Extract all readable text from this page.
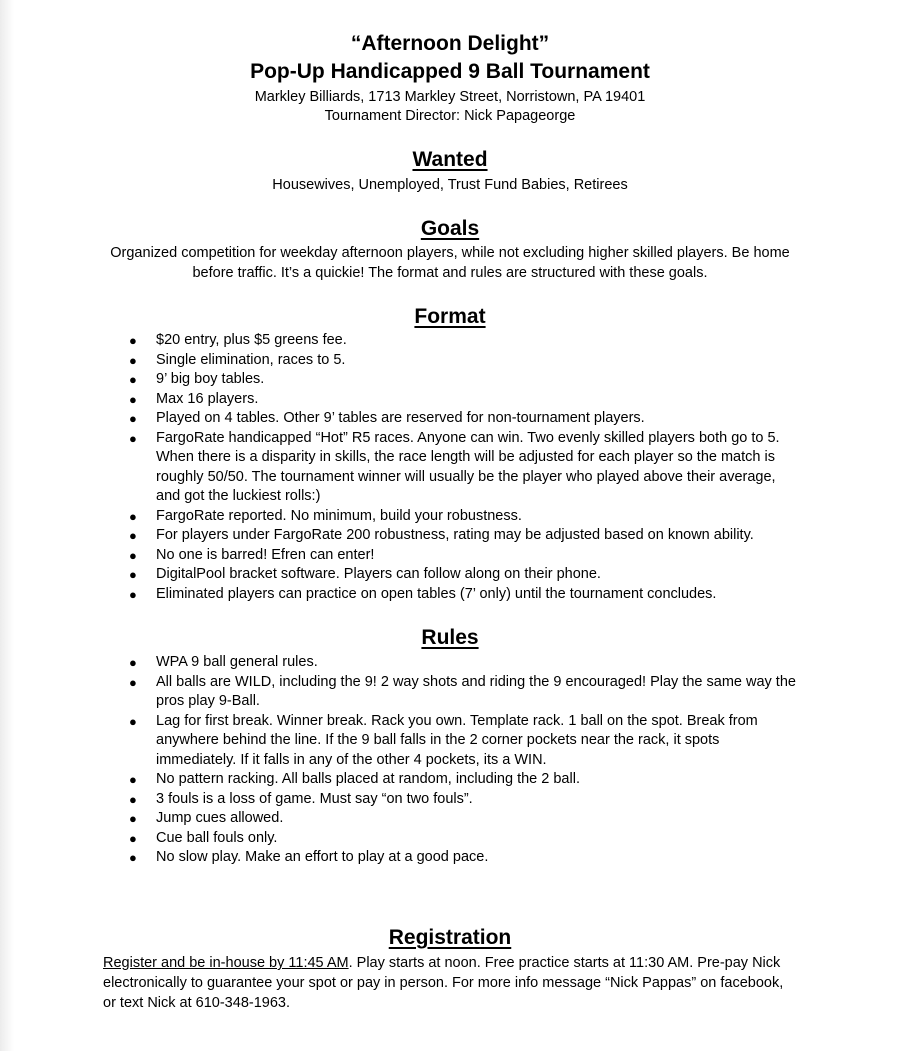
“Afternoon Delight”
Pop-Up Handicapped 9 Ball Tournament
Markley Billiards, 1713 Markley Street, Norristown, PA 19401
Tournament Director: Nick Papageorge
Wanted
Housewives, Unemployed, Trust Fund Babies, Retirees
Goals
Organized competition for weekday afternoon players, while not excluding higher skilled players. Be home before traffic. It’s a quickie! The format and rules are structured with these goals.
Format
● $20 entry, plus $5 greens fee.
● Single elimination, races to 5.
● 9’ big boy tables.
● Max 16 players.
● Played on 4 tables. Other 9’ tables are reserved for non-tournament players.
● FargoRate handicapped “Hot” R5 races. Anyone can win. Two evenly skilled players both go to 5. When there is a disparity in skills, the race length will be adjusted for each player so the match is roughly 50/50. The tournament winner will usually be the player who played above their average, and got the luckiest rolls:)
● FargoRate reported. No minimum, build your robustness.
● For players under FargoRate 200 robustness, rating may be adjusted based on known ability.
● No one is barred! Efren can enter!
● DigitalPool bracket software. Players can follow along on their phone.
● Eliminated players can practice on open tables (7’ only) until the tournament concludes.
Rules
● WPA 9 ball general rules.
● All balls are WILD, including the 9! 2 way shots and riding the 9 encouraged! Play the same way the pros play 9-Ball.
● Lag for first break. Winner break. Rack you own. Template rack. 1 ball on the spot. Break from anywhere behind the line. If the 9 ball falls in the 2 corner pockets near the rack, it spots immediately. If it falls in any of the other 4 pockets, its a WIN.
● No pattern racking. All balls placed at random, including the 2 ball.
● 3 fouls is a loss of game. Must say “on two fouls”.
● Jump cues allowed.
● Cue ball fouls only.
● No slow play. Make an effort to play at a good pace.
Registration
Register and be in-house by 11:45 AM. Play starts at noon. Free practice starts at 11:30 AM. Pre-pay Nick electronically to guarantee your spot or pay in person. For more info message “Nick Pappas” on facebook, or text Nick at 610-348-1963.
